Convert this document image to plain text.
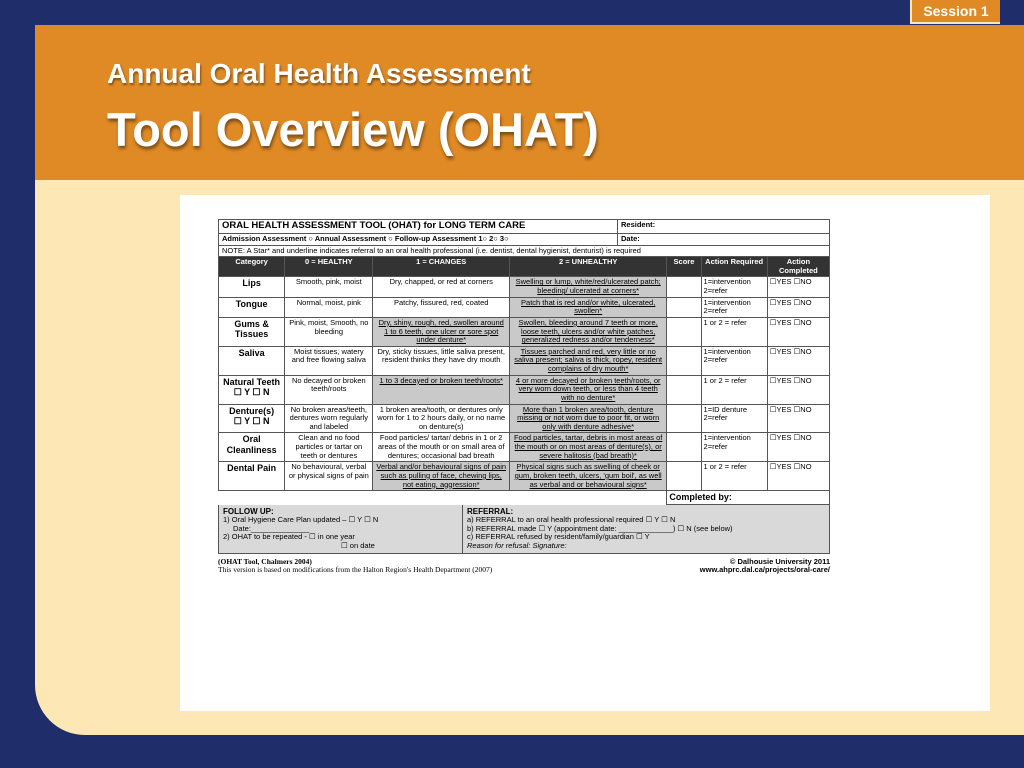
Session 1
Annual Oral Health Assessment
Tool Overview (OHAT)
ORAL HEALTH ASSESSMENT TOOL (OHAT) for LONG TERM CARE	Resident:
Admission Assessment ○ Annual Assessment ○ Follow-up Assessment 1○ 2○ 3○	Date:
NOTE: A Star* and underline indicates referral to an oral health professional (i.e. dentist, dental hygienist, denturist) is required
Category	0 = HEALTHY	1 = CHANGES	2 = UNHEALTHY	Score	Action Required	Action Completed

Lips	Smooth, pink, moist	Dry, chapped, or red at corners	Swelling or lump, white/red/ulcerated patch; bleeding/ ulcerated at corners*		1=intervention 2=refer	☐YES ☐NO

Tongue	Normal, moist, pink	Patchy, fissured, red, coated	Patch that is red and/or white, ulcerated, swollen*		1=intervention 2=refer	☐YES ☐NO

Gums & Tissues	Pink, moist, Smooth, no bleeding	Dry, shiny, rough, red, swollen around 1 to 6 teeth, one ulcer or sore spot under denture*	Swollen, bleeding around 7 teeth or more, loose teeth, ulcers and/or white patches, generalized redness and/or tenderness*		1 or 2 = refer	☐YES ☐NO

Saliva	Moist tissues, watery and free flowing saliva	Dry, sticky tissues, little saliva present, resident thinks they have dry mouth	Tissues parched and red, very little or no saliva present; saliva is thick, ropey, resident complains of dry mouth*		1=intervention 2=refer	☐YES ☐NO

Natural Teeth
☐ Y ☐ N	No decayed or broken teeth/roots	1 to 3 decayed or broken teeth/roots*	4 or more decayed or broken teeth/roots, or very worn down teeth, or less than 4 teeth with no denture*		1 or 2 = refer	☐YES ☐NO

Denture(s)
☐ Y ☐ N	No broken areas/teeth, dentures worn regularly and labeled	1 broken area/tooth, or dentures only worn for 1 to 2 hours daily, or no name on denture(s)	More than 1 broken area/tooth, denture missing or not worn due to poor fit, or worn only with denture adhesive*		1=ID denture 2=refer	☐YES ☐NO

Oral Cleanliness	Clean and no food particles or tartar on teeth or dentures	Food particles/ tartar/ debris in 1 or 2 areas of the mouth or on small area of dentures; occasional bad breath	Food particles, tartar, debris in most areas of the mouth or on most areas of denture(s), or severe halitosis (bad breath)*		1=intervention 2=refer	☐YES ☐NO

Dental Pain	No behavioural, verbal or physical signs of pain	Verbal and/or behavioural signs of pain such as pulling of face, chewing lips, not eating, aggression*	Physical signs such as swelling of cheek or gum, broken teeth, ulcers, 'gum boil', as well as verbal and or behavioural signs*		1 or 2 = refer	☐YES ☐NO
				Completed by:		
FOLLOW UP:
1) Oral Hygiene Care Plan updated – ☐ Y ☐ N
Date:______________
2) OHAT to be repeated - ☐ in one year
☐ on date
REFERRAL:
a) REFERRAL to an oral health professional required ☐ Y ☐ N
b) REFERRAL made ☐ Y (appointment date: _____________) ☐ N (see below)
c) REFERRAL refused by resident/family/guardian ☐ Y
Reason for refusal: Signature:
(OHAT Tool, Chalmers 2004)
This version is based on modifications from the Halton Region's Health Department (2007)
© Dalhousie University 2011
www.ahprc.dal.ca/projects/oral-care/
